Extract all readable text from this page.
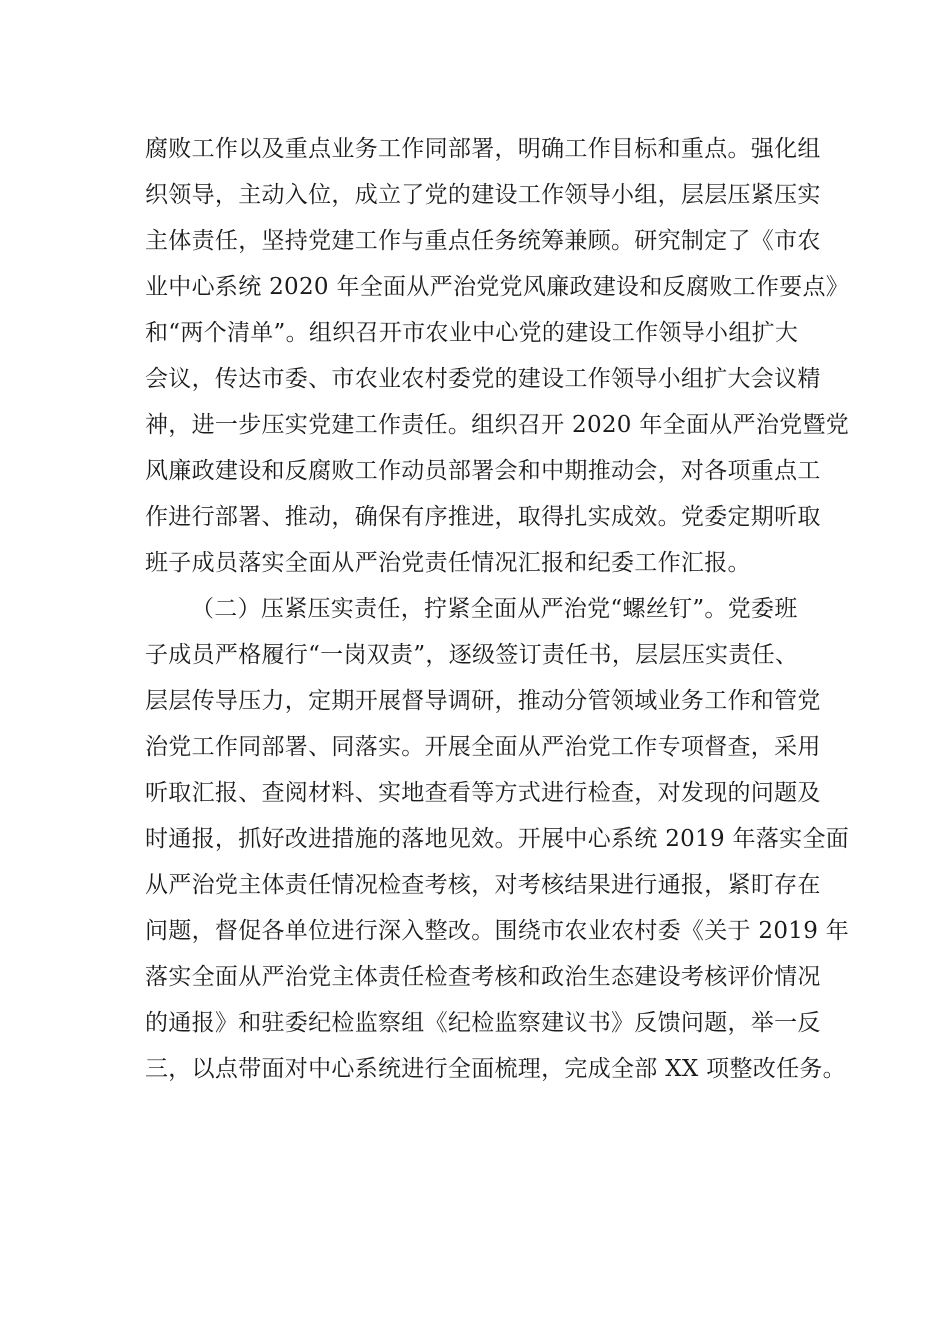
腐败工作以及重点业务工作同部署，明确工作目标和重点。强化组
织领导，主动入位，成立了党的建设工作领导小组，层层压紧压实
主体责任，坚持党建工作与重点任务统筹兼顾。研究制定了《市农
业中心系统 2020 年全面从严治党党风廉政建设和反腐败工作要点》
和“两个清单”。组织召开市农业中心党的建设工作领导小组扩大
会议，传达市委、市农业农村委党的建设工作领导小组扩大会议精
神，进一步压实党建工作责任。组织召开 2020 年全面从严治党暨党
风廉政建设和反腐败工作动员部署会和中期推动会，对各项重点工
作进行部署、推动，确保有序推进，取得扎实成效。党委定期听取
班子成员落实全面从严治党责任情况汇报和纪委工作汇报。
（二）压紧压实责任，拧紧全面从严治党“螺丝钉”。党委班
子成员严格履行“一岗双责”，逐级签订责任书，层层压实责任、
层层传导压力，定期开展督导调研，推动分管领域业务工作和管党
治党工作同部署、同落实。开展全面从严治党工作专项督查，采用
听取汇报、查阅材料、实地查看等方式进行检查，对发现的问题及
时通报，抓好改进措施的落地见效。开展中心系统 2019 年落实全面
从严治党主体责任情况检查考核，对考核结果进行通报，紧盯存在
问题，督促各单位进行深入整改。围绕市农业农村委《关于 2019 年
落实全面从严治党主体责任检查考核和政治生态建设考核评价情况
的通报》和驻委纪检监察组《纪检监察建议书》反馈问题，举一反
三，以点带面对中心系统进行全面梳理，完成全部 XX 项整改任务。
